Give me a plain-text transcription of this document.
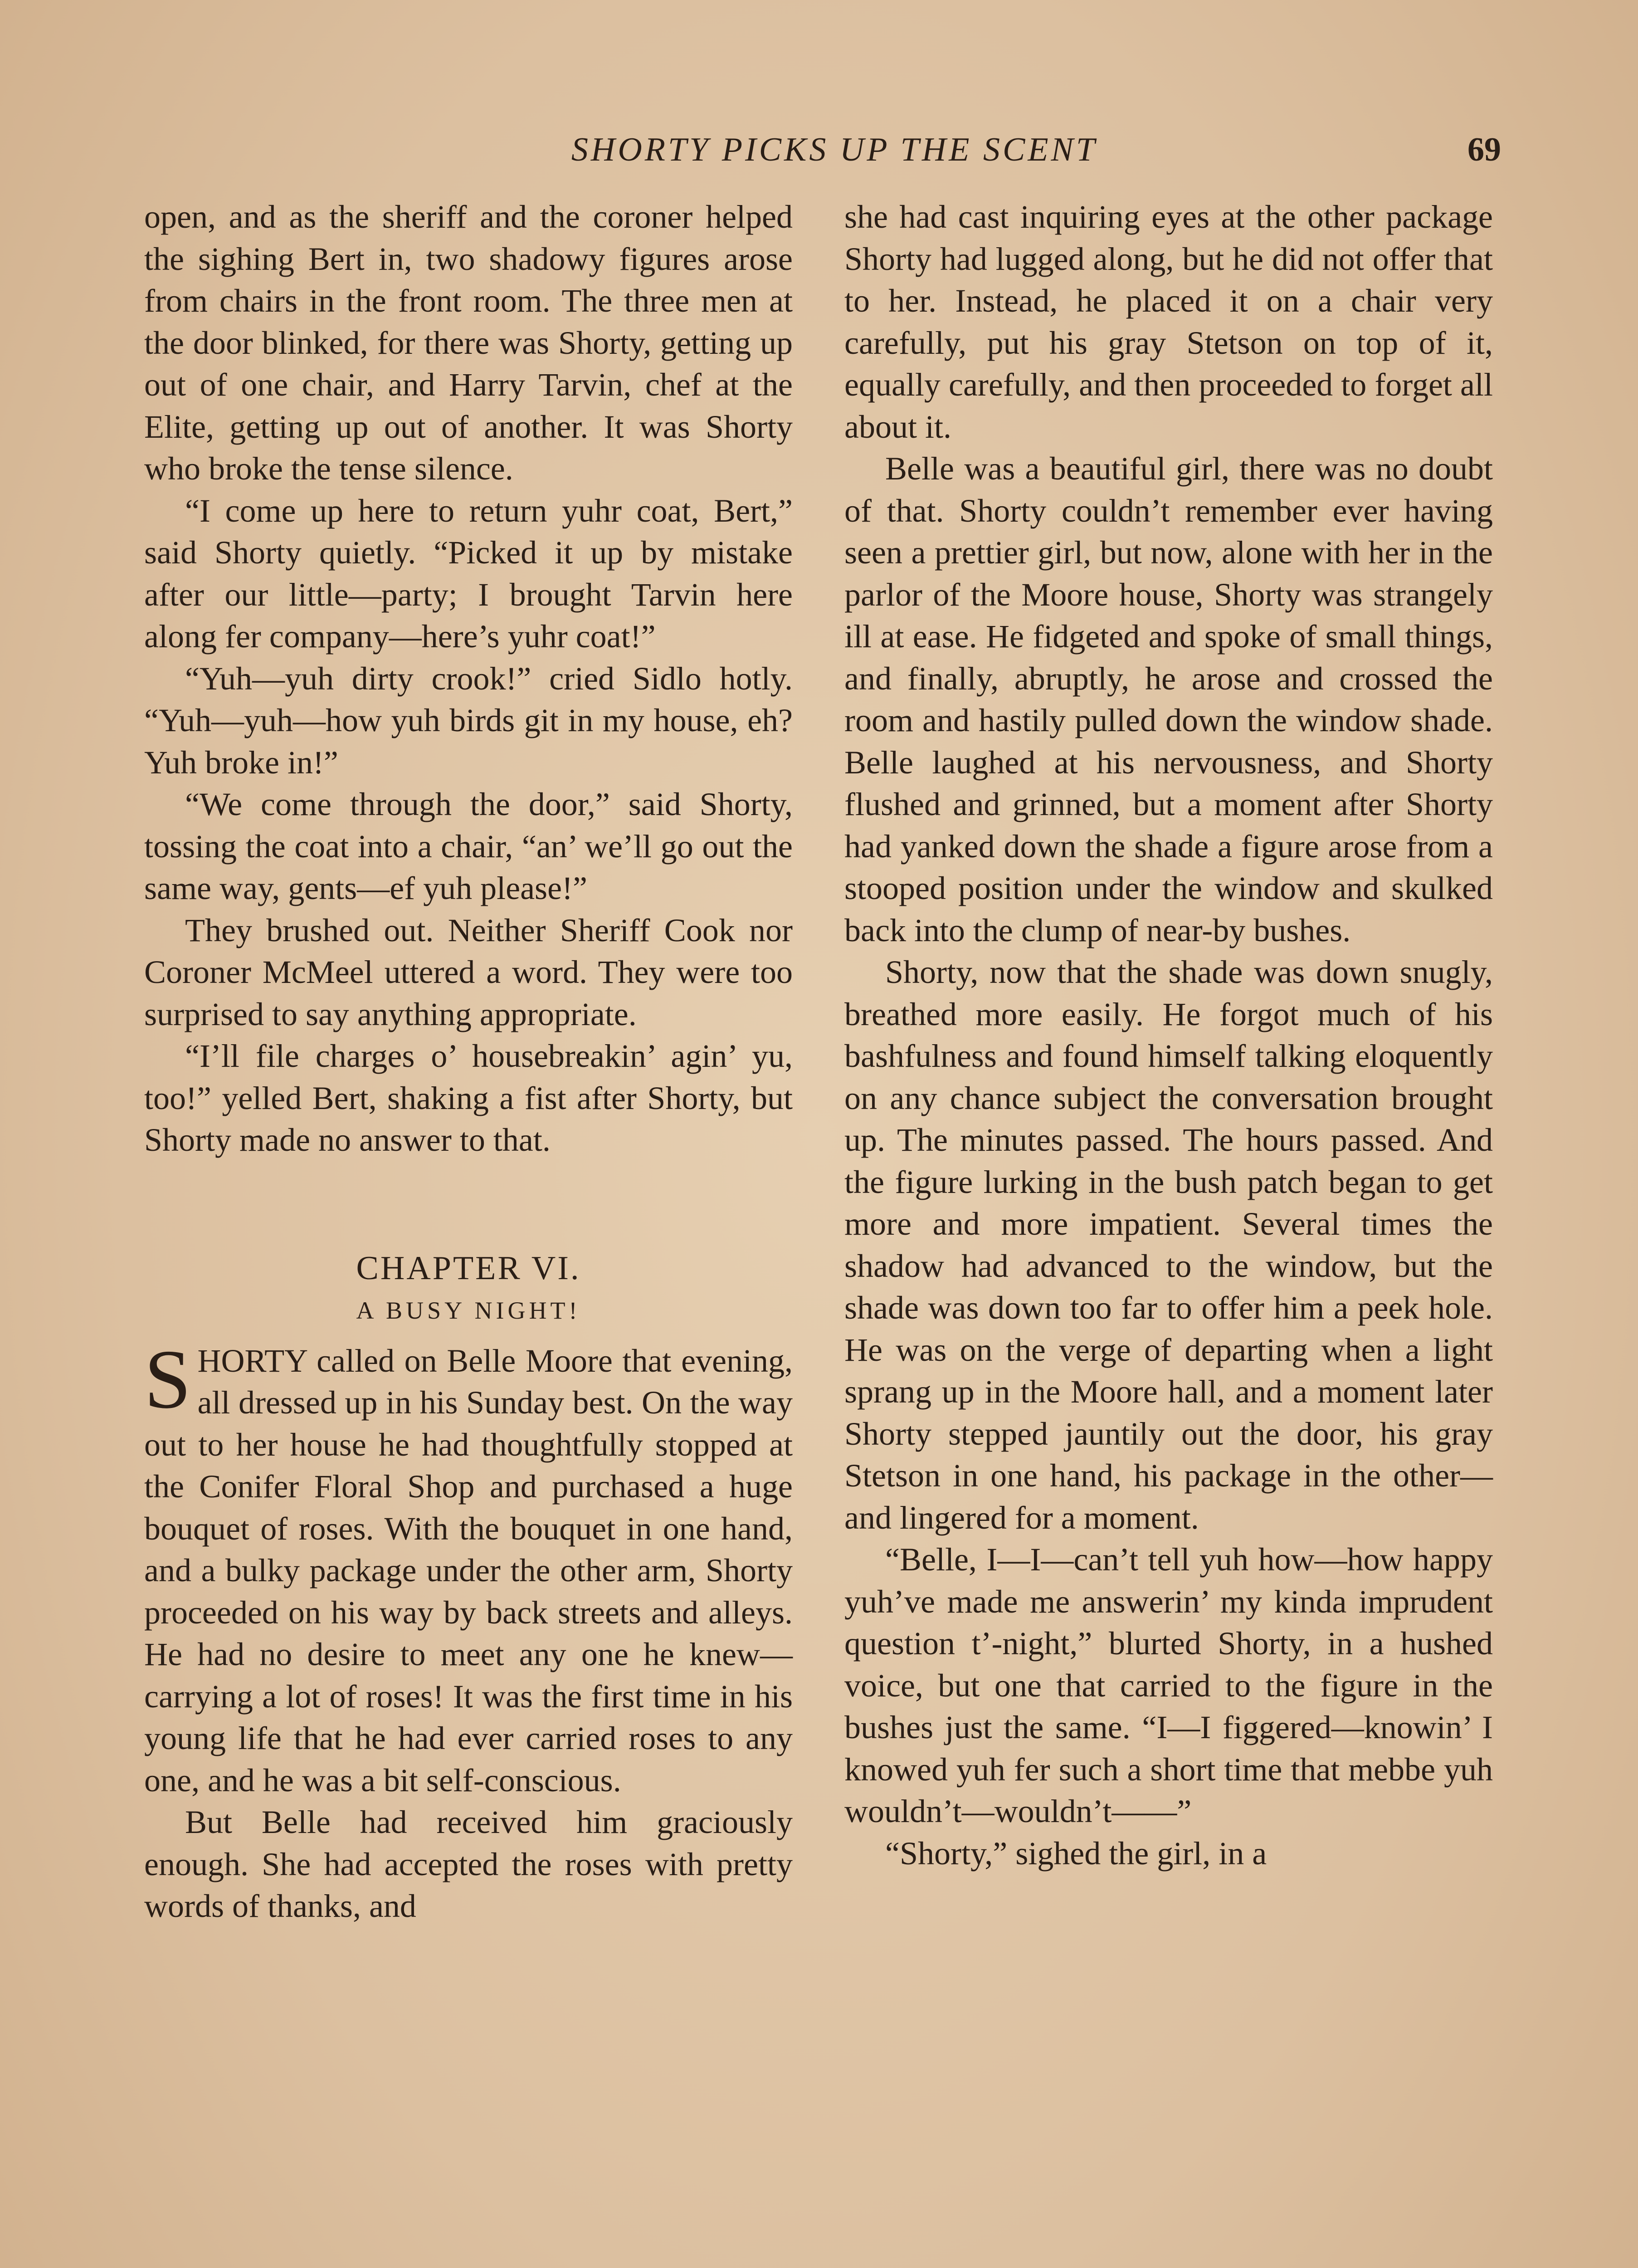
SHORTY PICKS UP THE SCENT	69

open, and as the sheriff and the coroner helped the sighing Bert in, two shadowy figures arose from chairs in the front room. The three men at the door blinked, for there was Shorty, getting up out of one chair, and Harry Tarvin, chef at the Elite, getting up out of another. It was Shorty who broke the tense silence.

“I come up here to return yuhr coat, Bert,” said Shorty quietly. “Picked it up by mistake after our little—party; I brought Tarvin here along fer company—here’s yuhr coat!”

“Yuh—yuh dirty crook!” cried Sidlo hotly. “Yuh—yuh—how yuh birds git in my house, eh? Yuh broke in!”

“We come through the door,” said Shorty, tossing the coat into a chair, “an’ we’ll go out the same way, gents—ef yuh please!”

They brushed out. Neither Sheriff Cook nor Coroner McMeel uttered a word. They were too surprised to say anything appropriate.

“I’ll file charges o’ housebreakin’ agin’ yu, too!” yelled Bert, shaking a fist after Shorty, but Shorty made no answer to that.

CHAPTER VI.
A BUSY NIGHT!

SHORTY called on Belle Moore that evening, all dressed up in his Sunday best. On the way out to her house he had thoughtfully stopped at the Conifer Floral Shop and purchased a huge bouquet of roses. With the bouquet in one hand, and a bulky package under the other arm, Shorty proceeded on his way by back streets and alleys. He had no desire to meet any one he knew—carrying a lot of roses! It was the first time in his young life that he had ever carried roses to any one, and he was a bit self-conscious.

But Belle had received him graciously enough. She had accepted the roses with pretty words of thanks, and

she had cast inquiring eyes at the other package Shorty had lugged along, but he did not offer that to her. Instead, he placed it on a chair very carefully, put his gray Stetson on top of it, equally carefully, and then proceeded to forget all about it.

Belle was a beautiful girl, there was no doubt of that. Shorty couldn’t remember ever having seen a prettier girl, but now, alone with her in the parlor of the Moore house, Shorty was strangely ill at ease. He fidgeted and spoke of small things, and finally, abruptly, he arose and crossed the room and hastily pulled down the window shade. Belle laughed at his nervousness, and Shorty flushed and grinned, but a moment after Shorty had yanked down the shade a figure arose from a stooped position under the window and skulked back into the clump of near-by bushes.

Shorty, now that the shade was down snugly, breathed more easily. He forgot much of his bashfulness and found himself talking eloquently on any chance subject the conversation brought up. The minutes passed. The hours passed. And the figure lurking in the bush patch began to get more and more impatient. Several times the shadow had advanced to the window, but the shade was down too far to offer him a peek hole. He was on the verge of departing when a light sprang up in the Moore hall, and a moment later Shorty stepped jauntily out the door, his gray Stetson in one hand, his package in the other—and lingered for a moment.

“Belle, I—I—can’t tell yuh how—how happy yuh’ve made me answerin’ my kinda imprudent question t’-night,” blurted Shorty, in a hushed voice, but one that carried to the figure in the bushes just the same. “I—I figgered—knowin’ I knowed yuh fer such a short time that mebbe yuh wouldn’t—wouldn’t——”

“Shorty,” sighed the girl, in a
